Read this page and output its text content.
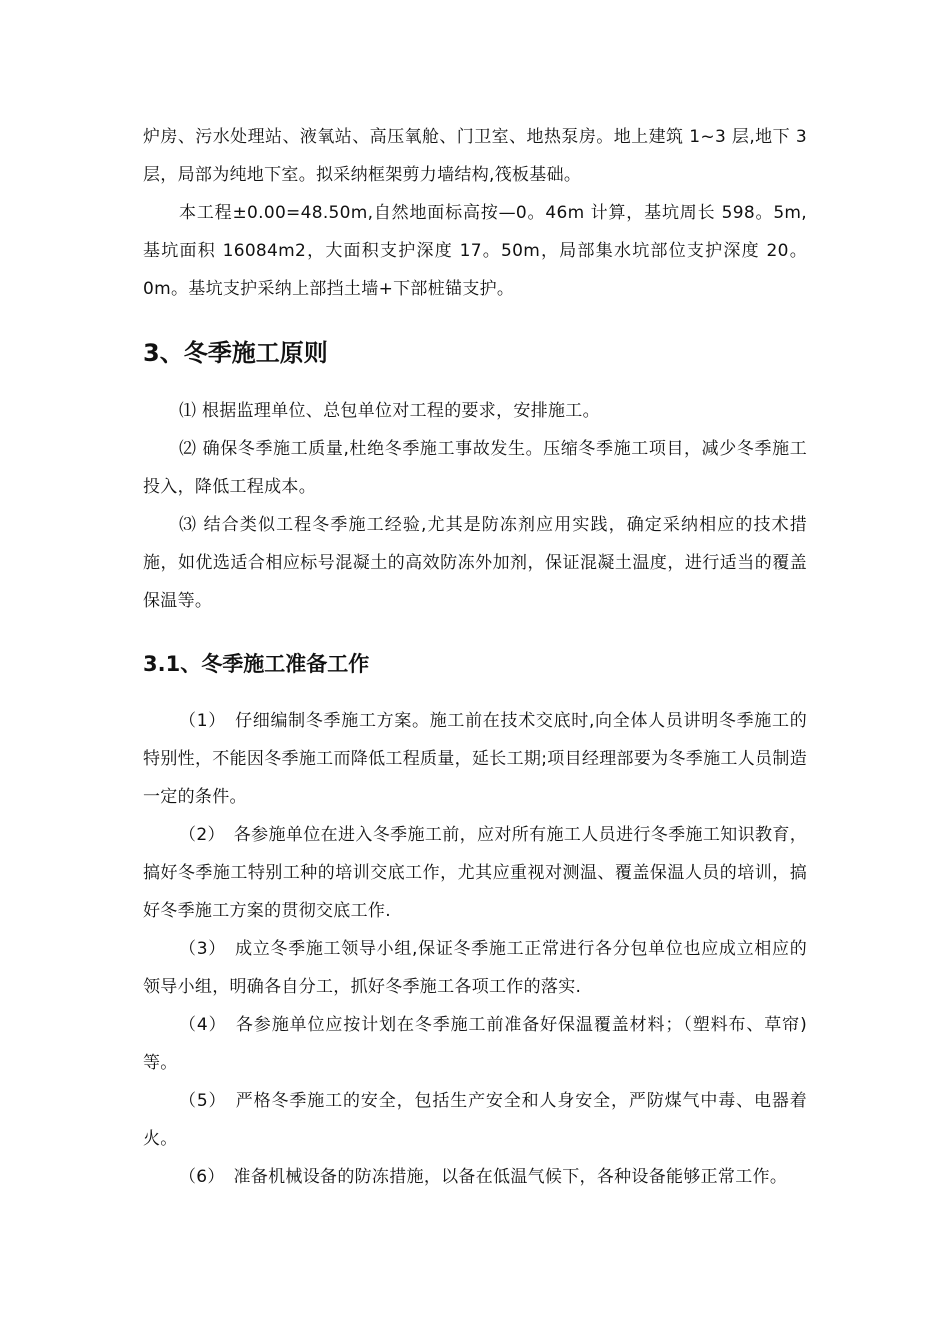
炉房、污水处理站、液氧站、高压氧舱、门卫室、地热泵房。地上建筑 1~3 层,地下 3 层，局部为纯地下室。拟采纳框架剪力墙结构,筏板基础。

本工程±0.00=48.50m,自然地面标高按—0。46m 计算，基坑周长 598。5m,基坑面积 16084m2，大面积支护深度 17。50m，局部集水坑部位支护深度 20。0m。基坑支护采纳上部挡土墙+下部桩锚支护。

3、冬季施工原则

⑴ 根据监理单位、总包单位对工程的要求，安排施工。

⑵ 确保冬季施工质量,杜绝冬季施工事故发生。压缩冬季施工项目，减少冬季施工投入，降低工程成本。

⑶ 结合类似工程冬季施工经验,尤其是防冻剂应用实践，确定采纳相应的技术措施，如优选适合相应标号混凝土的高效防冻外加剂，保证混凝土温度，进行适当的覆盖保温等。

3.1、冬季施工准备工作

（1）　仔细编制冬季施工方案。施工前在技术交底时,向全体人员讲明冬季施工的特别性，不能因冬季施工而降低工程质量，延长工期;项目经理部要为冬季施工人员制造一定的条件。

（2）　各参施单位在进入冬季施工前，应对所有施工人员进行冬季施工知识教育，搞好冬季施工特别工种的培训交底工作，尤其应重视对测温、覆盖保温人员的培训，搞好冬季施工方案的贯彻交底工作.

（3）　成立冬季施工领导小组,保证冬季施工正常进行各分包单位也应成立相应的领导小组，明确各自分工，抓好冬季施工各项工作的落实.

（4）　各参施单位应按计划在冬季施工前准备好保温覆盖材料；（塑料布、草帘)等。

（5）　严格冬季施工的安全，包括生产安全和人身安全，严防煤气中毒、电器着火。

（6）　准备机械设备的防冻措施，以备在低温气候下，各种设备能够正常工作。
